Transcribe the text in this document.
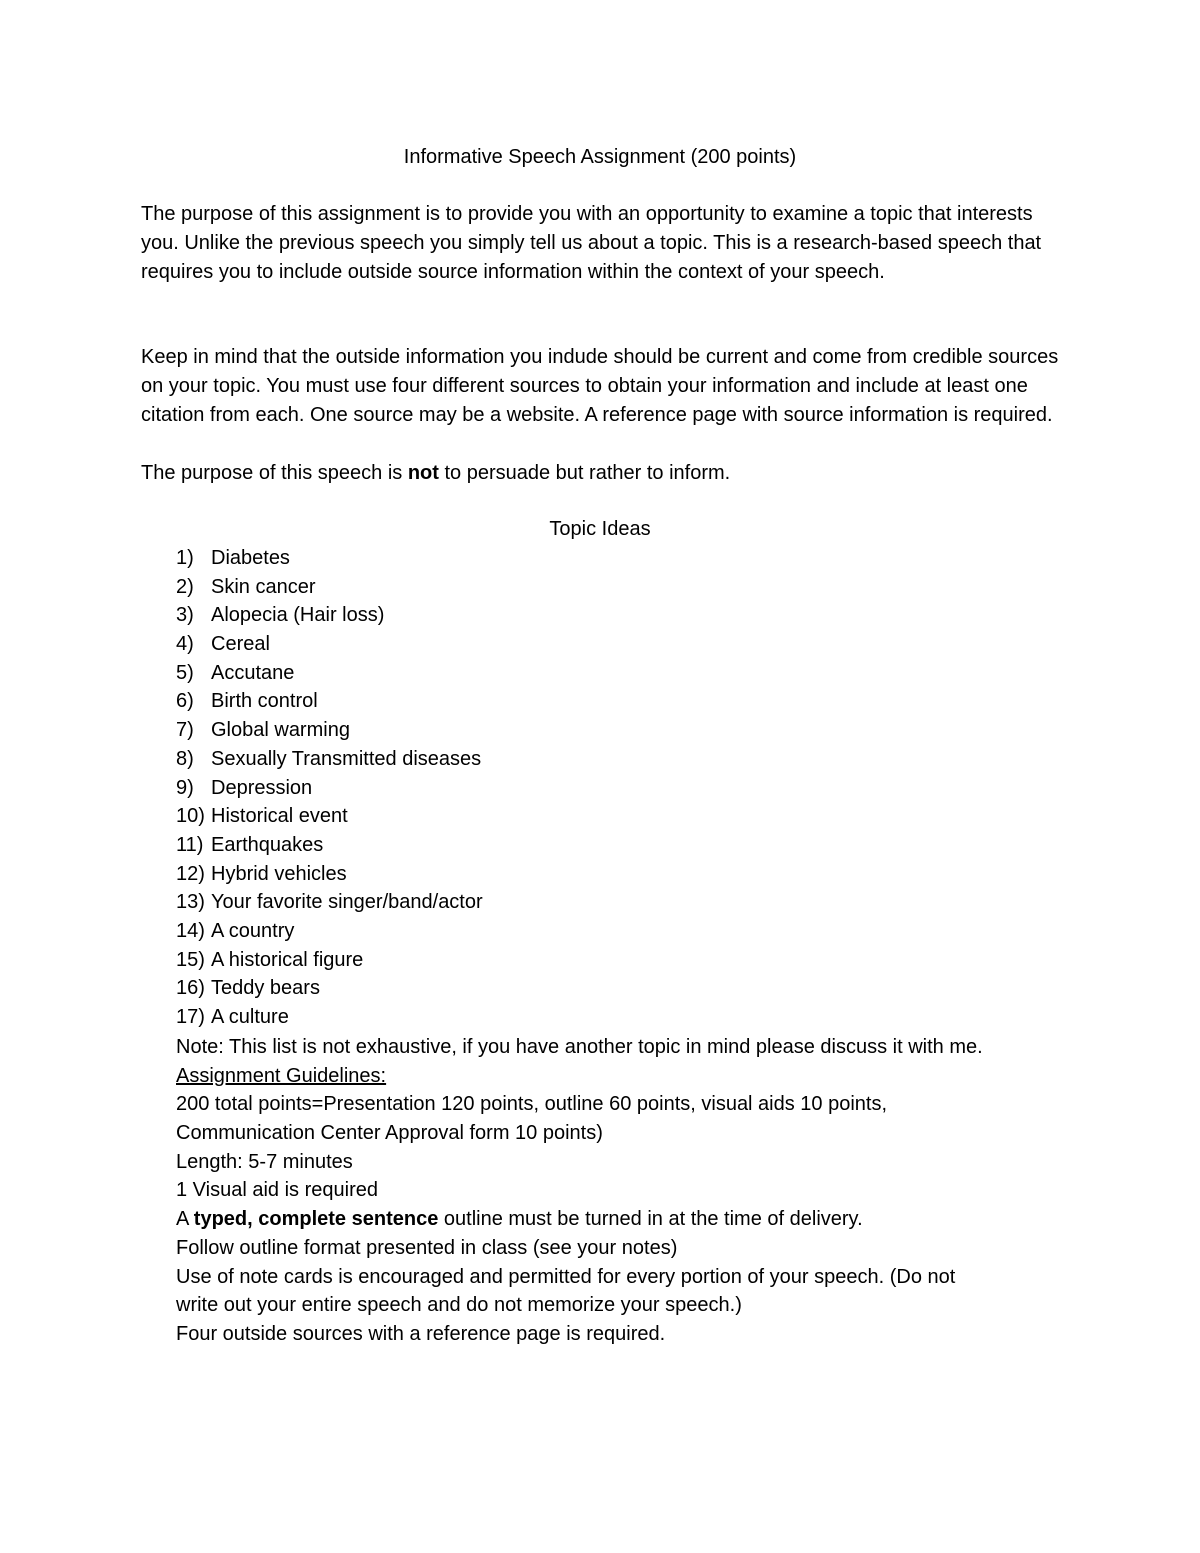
Informative Speech Assignment (200 points)

The purpose of this assignment is to provide you with an opportunity to examine a topic that interests you. Unlike the previous speech you simply tell us about a topic. This is a research-based speech that requires you to include outside source information within the context of your speech.

Keep in mind that the outside information you indude should be current and come from credible sources on your topic. You must use four different sources to obtain your information and include at least one citation from each. One source may be a website. A reference page with source information is required.

The purpose of this speech is not to persuade but rather to inform.

Topic Ideas
1) Diabetes
2) Skin cancer
3) Alopecia (Hair loss)
4) Cereal
5) Accutane
6) Birth control
7) Global warming
8) Sexually Transmitted diseases
9) Depression
10) Historical event
11) Earthquakes
12) Hybrid vehicles
13) Your favorite singer/band/actor
14) A country
15) A historical figure
16) Teddy bears
17) A culture
Note: This list is not exhaustive, if you have another topic in mind please discuss it with me.
Assignment Guidelines:
200 total points=Presentation 120 points, outline 60 points, visual aids 10 points,
Communication Center Approval form 10 points)
Length: 5-7 minutes
1 Visual aid is required
A typed, complete sentence outline must be turned in at the time of delivery.
Follow outline format presented in class (see your notes)
Use of note cards is encouraged and permitted for every portion of your speech. (Do not
write out your entire speech and do not memorize your speech.)
Four outside sources with a reference page is required.
